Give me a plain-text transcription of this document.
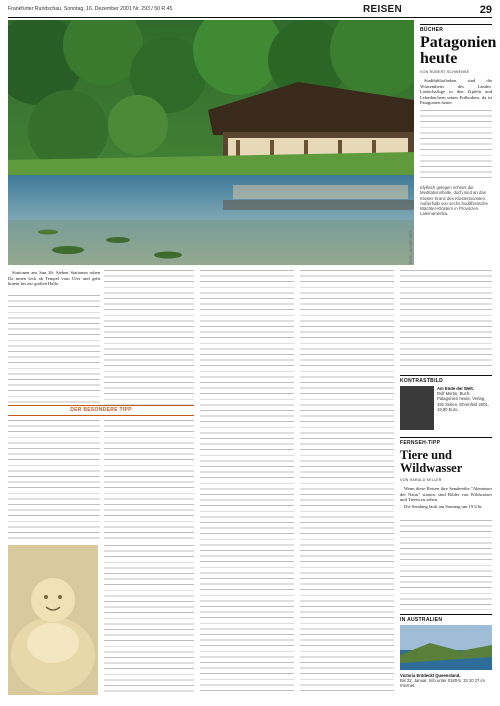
Frankfurter Rundschau, Sonntag, 16. Dezember 2001 Nr. 293 / 50 R 45	REISEN	29
FOTO: OLIVER NEIT
BÜCHER
Patagonien heute
VON ROBERT SCHWENKE

Stadtbibliotheken sind die Wüstenthetis des Landes. Laidschaftige in den Zipfeln und Lehmbüchern seines Erdbodens, da ist Patagonien heute.

Idyllisch gelegen scheint die Meditationshalle, doch sind an das Kloster Kranz des Klostertouristen. Außerhalb von sechs buddhistische Wächter-Klöstern in Provinzen Lateinamerika.

Stationen ans Sun 26: Sieben Stationen ruhen Da innen lock ab Tempel vom Ufer und geht hinein bis zur großen Halle.

DER BESONDERE TIPP
KONTRASTBILD
Am Ende der Welt.
Rolf Mertin, Buch: Patagonien heute, Verlag, 192 Seiten, Ehrenfeld 2001, 19,80 Euro.
FERNSEH-TIPP
Tiere und Wildwasser
VON HARALD KELLER

Wenn diese Reisen ihre Sendereihe "Abenteuer der Natur" starten, sind Bilder von Wildwasser und Tieren zu sehen.

Die Sendung läuft am Sonntag um 19 Uhr.

IN AUSTRALIEN
Victoria Entdeckt Queensland.
Bis 22. Januar, Info unter 0180-5, 33 20 27 im Internet.
